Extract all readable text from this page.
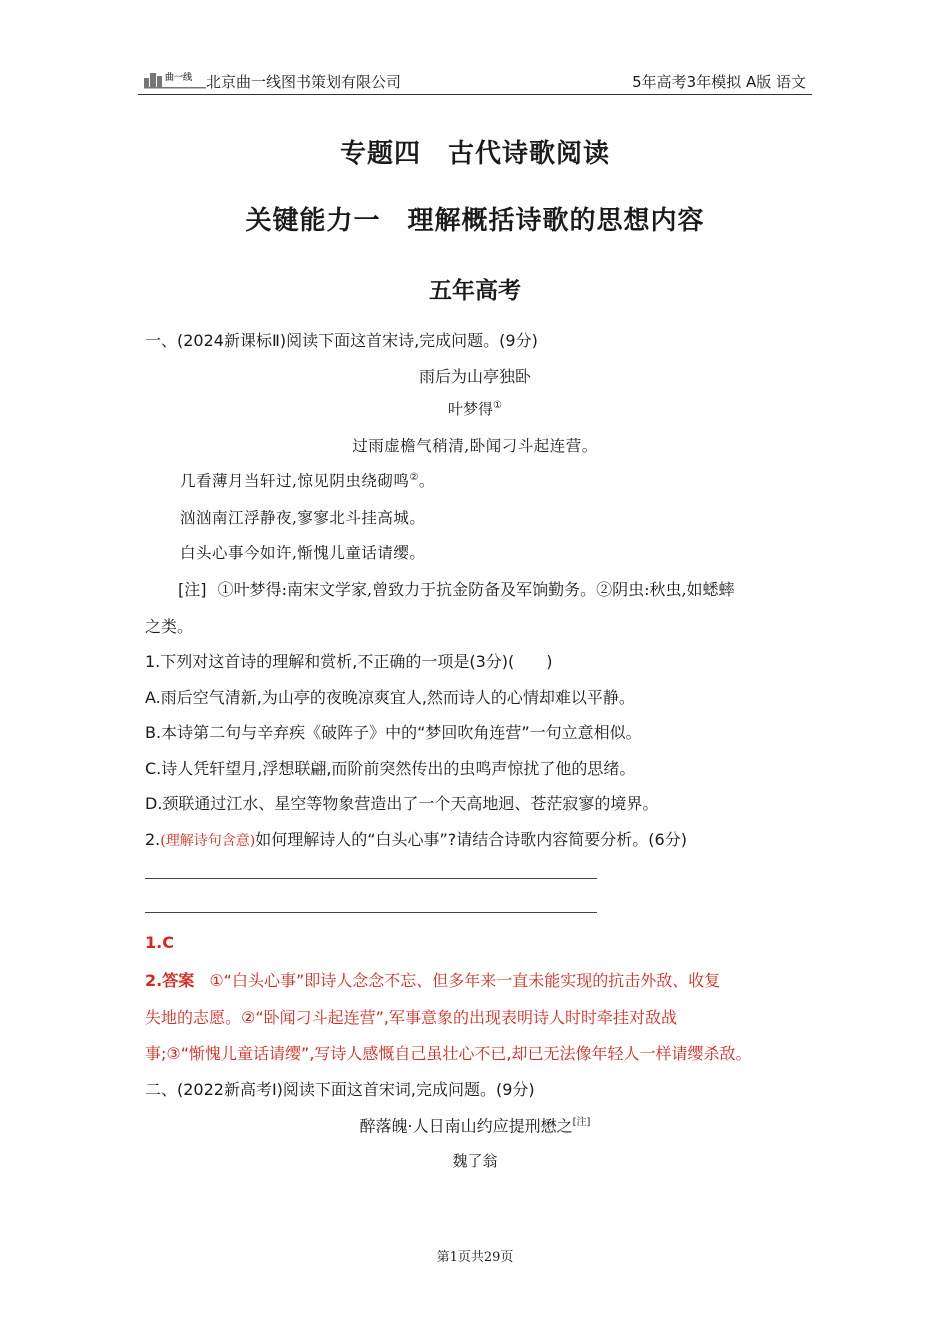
曲一线 北京曲一线图书策划有限公司	5年高考3年模拟 A版 语文
专题四　古代诗歌阅读
关键能力一　理解概括诗歌的思想内容
五年高考
一、(2024新课标Ⅱ)阅读下面这首宋诗,完成问题。(9分)
雨后为山亭独卧
叶梦得①
过雨虚檐气稍清,卧闻刁斗起连营。
几看薄月当轩过,惊见阴虫绕砌鸣②。
汹汹南江浮静夜,寥寥北斗挂高城。
白头心事今如许,惭愧儿童话请缨。
[注] ①叶梦得:南宋文学家,曾致力于抗金防备及军饷勤务。②阴虫:秋虫,如蟋蟀
之类。
1.下列对这首诗的理解和赏析,不正确的一项是(3分)(　　)
A.雨后空气清新,为山亭的夜晚凉爽宜人,然而诗人的心情却难以平静。
B.本诗第二句与辛弃疾《破阵子》中的“梦回吹角连营”一句立意相似。
C.诗人凭轩望月,浮想联翩,而阶前突然传出的虫鸣声惊扰了他的思绪。
D.颈联通过江水、星空等物象营造出了一个天高地迥、苍茫寂寥的境界。
2.(理解诗句含意)如何理解诗人的“白头心事”?请结合诗歌内容简要分析。(6分)
1.C
2.答案 ①“白头心事”即诗人念念不忘、但多年来一直未能实现的抗击外敌、收复
失地的志愿。②“卧闻刁斗起连营”,军事意象的出现表明诗人时时牵挂对敌战
事;③“惭愧儿童话请缨”,写诗人感慨自己虽壮心不已,却已无法像年轻人一样请缨杀敌。
二、(2022新高考Ⅰ)阅读下面这首宋词,完成问题。(9分)
醉落魄·人日南山约应提刑懋之[注]
魏了翁
第1页共29页
